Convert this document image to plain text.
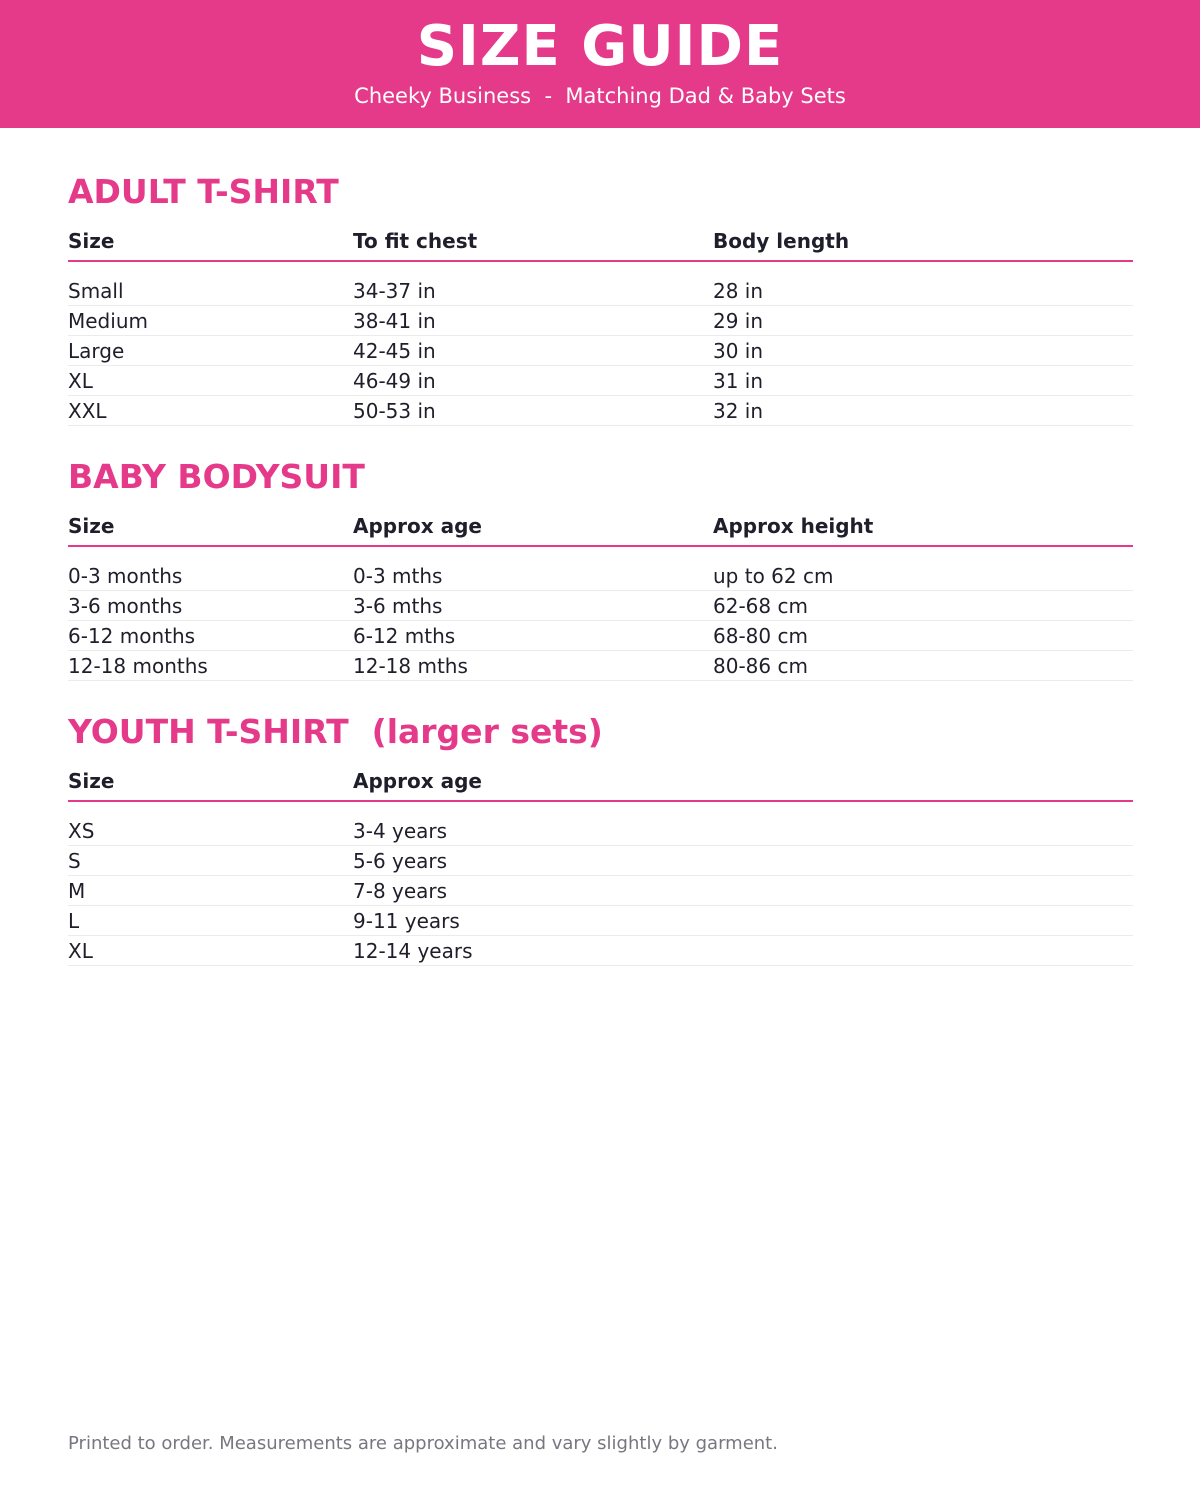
SIZE GUIDE
Cheeky Business  -  Matching Dad & Baby Sets
ADULT T-SHIRT
Size	To fit chest	Body length
Small	34-37 in	28 in
Medium	38-41 in	29 in
Large	42-45 in	30 in
XL	46-49 in	31 in
XXL	50-53 in	32 in
BABY BODYSUIT
Size	Approx age	Approx height
0-3 months	0-3 mths	up to 62 cm
3-6 months	3-6 mths	62-68 cm
6-12 months	6-12 mths	68-80 cm
12-18 months	12-18 mths	80-86 cm
YOUTH T-SHIRT  (larger sets)
Size	Approx age
XS	3-4 years
S	5-6 years
M	7-8 years
L	9-11 years
XL	12-14 years
Printed to order. Measurements are approximate and vary slightly by garment.
